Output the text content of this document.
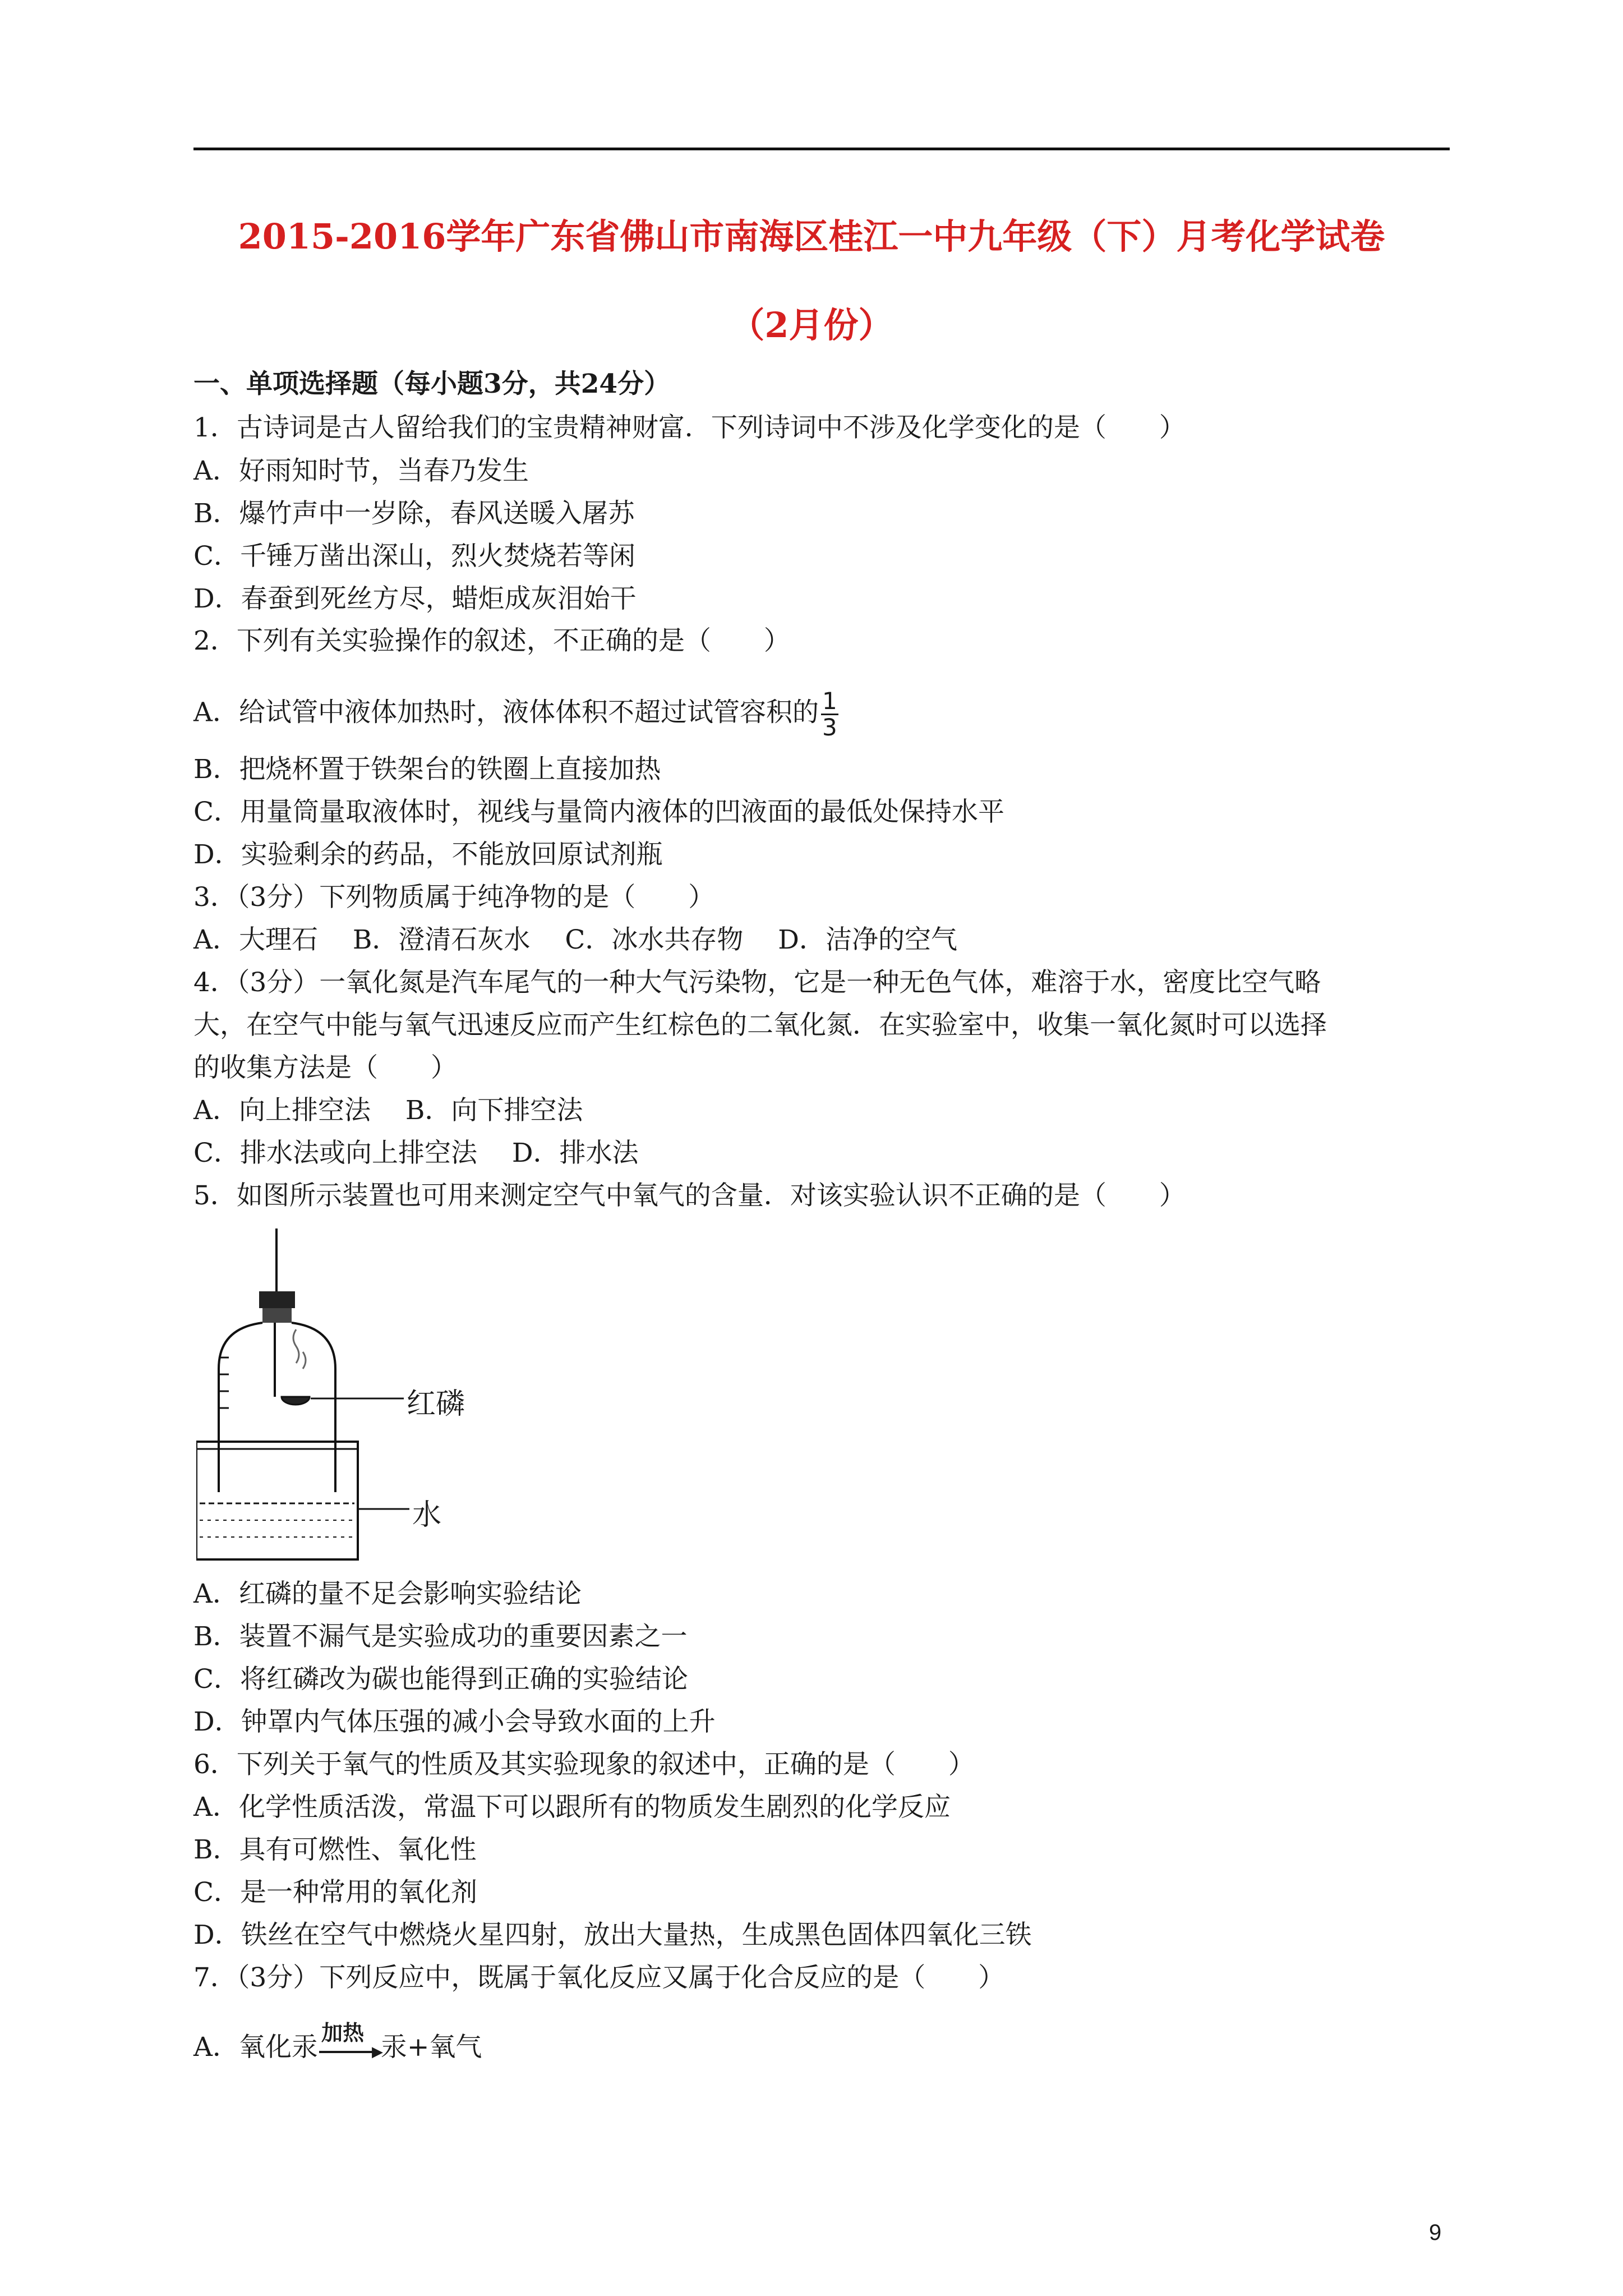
2015-2016学年广东省佛山市南海区桂江一中九年级（下）月考化学试卷
（2月份）
一、单项选择题（每小题3分，共24分）
1．古诗词是古人留给我们的宝贵精神财富．下列诗词中不涉及化学变化的是（　　）
A．好雨知时节，当春乃发生
B．爆竹声中一岁除，春风送暖入屠苏
C．千锤万凿出深山，烈火焚烧若等闲
D．春蚕到死丝方尽，蜡炬成灰泪始干
2．下列有关实验操作的叙述，不正确的是（　　）
A．给试管中液体加热时，液体体积不超过试管容积的 $\frac{1}{3}$
B．把烧杯置于铁架台的铁圈上直接加热
C．用量筒量取液体时，视线与量筒内液体的凹液面的最低处保持水平
D．实验剩余的药品，不能放回原试剂瓶
3．（3分）下列物质属于纯净物的是（　　）
A．大理石　 B．澄清石灰水　 C．冰水共存物　 D．洁净的空气
4．（3分）一氧化氮是汽车尾气的一种大气污染物，它是一种无色气体，难溶于水，密度比空气略
大，在空气中能与氧气迅速反应而产生红棕色的二氧化氮．在实验室中，收集一氧化氮时可以选择
的收集方法是（　　）
A．向上排空法　 B．向下排空法
C．排水法或向上排空法　 D．排水法
5．如图所示装置也可用来测定空气中氧气的含量．对该实验认识不正确的是（　　）
红磷
水
A．红磷的量不足会影响实验结论
B．装置不漏气是实验成功的重要因素之一
C．将红磷改为碳也能得到正确的实验结论
D．钟罩内气体压强的减小会导致水面的上升
6．下列关于氧气的性质及其实验现象的叙述中，正确的是（　　）
A．化学性质活泼，常温下可以跟所有的物质发生剧烈的化学反应
B．具有可燃性、氧化性
C．是一种常用的氧化剂
D．铁丝在空气中燃烧火星四射，放出大量热，生成黑色固体四氧化三铁
7．（3分）下列反应中，既属于氧化反应又属于化合反应的是（　　）
A．氧化汞 加热
▶
汞+氧气
9
